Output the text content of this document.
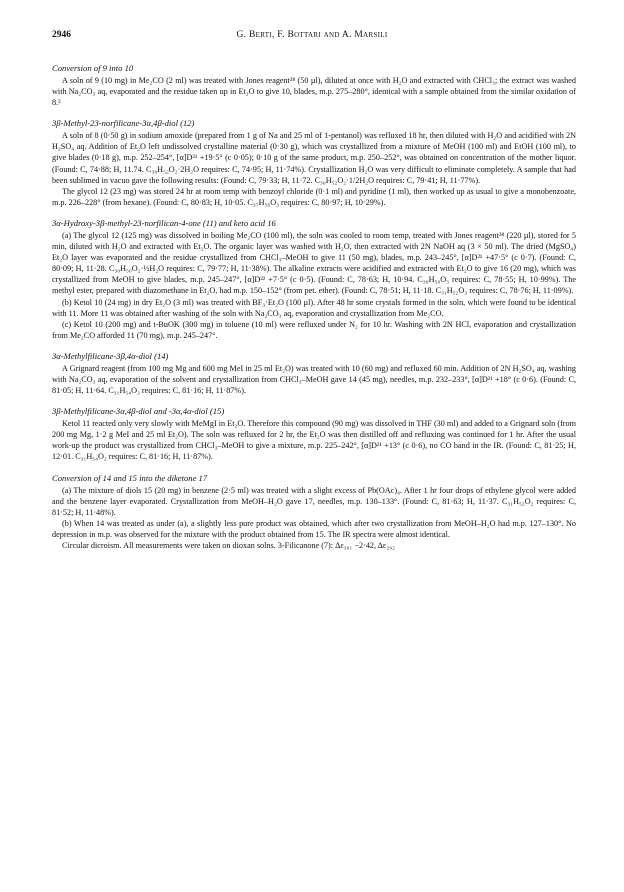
2946	G. Berti, F. Bottari and A. Marsili
Conversion of 9 into 10

A soln of 9 (10 mg) in Me₂CO (2 ml) was treated with Jones reagent²⁸ (50 µl), diluted at once with H₂O and extracted with CHCl₃; the extract was washed with Na₂CO₃ aq, evaporated and the residue taken up in Et₂O to give 10, blades, m.p. 275–280°, identical with a sample obtained from the similar oxidation of 8.²

3β-Methyl-23-norfilicane-3α,4β-diol (12)

A soln of 8 (0·50 g) in sodium amoxide (prepared from 1 g of Na and 25 ml of 1-pentanol) was refluxed 18 hr, then diluted with H₂O and acidified with 2N H₂SO₄ aq. Addition of Et₂O left undissolved crystalline material (0·30 g), which was crystallized from a mixture of MeOH (100 ml) and EtOH (100 ml), to give blades (0·18 g), m.p. 252–254°, [α]D²¹ +19·5° (c 0·05); 0·10 g of the same product, m.p. 250–252°, was obtained on concentration of the mother liquor. (Found: C, 74·88; H, 11.74. C₃₀H₅₂O₂·2H₂O requires: C, 74·95; H, 11·74%). Crystallization H₂O was very difficult to eliminate completely. A sample that had been sublimed in vacuo gave the following results: (Found: C, 79·33; H, 11·72. C₃₀H₅₂O₂·1/2H₂O requires: C, 79·41; H, 11·77%).

The glycol 12 (23 mg) was stored 24 hr at room temp with benzoyl chloride (0·1 ml) and pyridine (1 ml), then worked up as usual to give a monobenzoate, m.p. 226–228° (from hexane). (Found: C, 80·83; H, 10·05. C₃₇H₅₆O₃ requires: C, 80·97; H, 10·29%).

3α-Hydroxy-3β-methyl-23-norfilican-4-one (11) and keto acid 16

(a) The glycol 12 (125 mg) was dissolved in boiling Me₂CO (100 ml), the soln was cooled to room temp, treated with Jones reagent²⁸ (220 µl), stored for 5 min, diluted with H₂O and extracted with Et₂O. The organic layer was washed with H₂O, then extracted with 2N NaOH aq (3 × 50 ml). The dried (MgSO₄) Et₂O layer was evaporated and the residue crystallized from CHCl₃–MeOH to give 11 (50 mg), blades, m.p. 243–245°, [α]D²¹ +47·5° (c 0·7). (Found: C, 80·09; H, 11·28. C₃₀H₅₀O₂·½H₂O requires: C, 79·77; H, 11·38%). The alkaline extracts were acidified and extracted with Et₂O to give 16 (20 mg), which was crystallized from MeOH to give blades, m.p. 245–247°, [α]D²² +7·5° (c 0·5). (Found: C, 78·63; H, 10·94. C₃₀H₅₀O₃ requires: C, 78·55; H, 10·99%). The methyl ester, prepared with diazomethane in Et₂O, had m.p. 150–152° (from pet. ether). (Found: C, 78·51; H, 11·18. C₃₁H₅₂O₃ requires: C, 78·76; H, 11·09%).

(b) Ketol 10 (24 mg) in dry Et₂O (3 ml) was treated with BF₃·Et₂O (100 µl). After 48 hr some crystals formed in the soln, which were found to be identical with 11. More 11 was obtained after washing of the soln with Na₂CO₃ aq, evaporation and crystallization from Me₂CO.

(c) Ketol 10 (200 mg) and t-BuOK (300 mg) in toluene (10 ml) were refluxed under N₂ for 10 hr. Washing with 2N HCl, evaporation and crystallization from Me₂CO afforded 11 (70 mg), m.p. 245–247°.

3α-Methylfilicane-3β,4α-diol (14)

A Grignard reagent (from 100 mg Mg and 600 mg MeI in 25 ml Et₂O) was treated with 10 (60 mg) and refluxed 60 min. Addition of 2N H₂SO₄ aq, washing with Na₂CO₃ aq, evaporation of the solvent and crystallization from CHCl₃–MeOH gave 14 (45 mg), needles, m.p. 232–233°, [α]D²¹ +18° (c 0·6). (Found: C, 81·05; H, 11·64. C₃₁H₅₄O₂ requires: C, 81·16; H, 11·87%).

3β-Methylfilicane-3α,4β-diol and -3α,4α-diol (15)

Ketol 11 reacted only very slowly with MeMgI in Et₂O. Therefore this compound (90 mg) was dissolved in THF (30 ml) and added to a Grignard soln (from 200 mg Mg, 1·2 g MeI and 25 ml Et₂O). The soln was refluxed for 2 hr, the Et₂O was then distilled off and refluxing was continued for 1 hr. After the usual work-up the product was crystallized from CHCl₃–MeOH to give a mixture, m.p. 225–242°, [α]D²¹ +13° (c 0·6), no CO band in the IR. (Found: C, 81·25; H, 12·01. C₃₁H₅₄O₂ requires: C, 81·16; H, 11·87%).

Conversion of 14 and 15 into the diketone 17

(a) The mixture of diols 15 (20 mg) in benzene (2·5 ml) was treated with a slight excess of Pb(OAc)₄. After 1 hr four drops of ethylene glycol were added and the benzene layer evaporated. Crystallization from MeOH–H₂O gave 17, needles, m.p. 130–133°. (Found: C, 81·63; H, 11·37. C₃₁H₅₂O₂ requires: C, 81·52; H, 11·48%).

(b) When 14 was treated as under (a), a slightly less pure product was obtained, which after two crystallization from MeOH–H₂O had m.p. 127–130°. No depression in m.p. was observed for the mixture with the product obtained from 15. The IR spectra were almost identical.

Circular dicroism. All measurements were taken on dioxan solns. 3-Filicanone (7): Δε₃₀₁ −2·42, Δε₂₉₂
